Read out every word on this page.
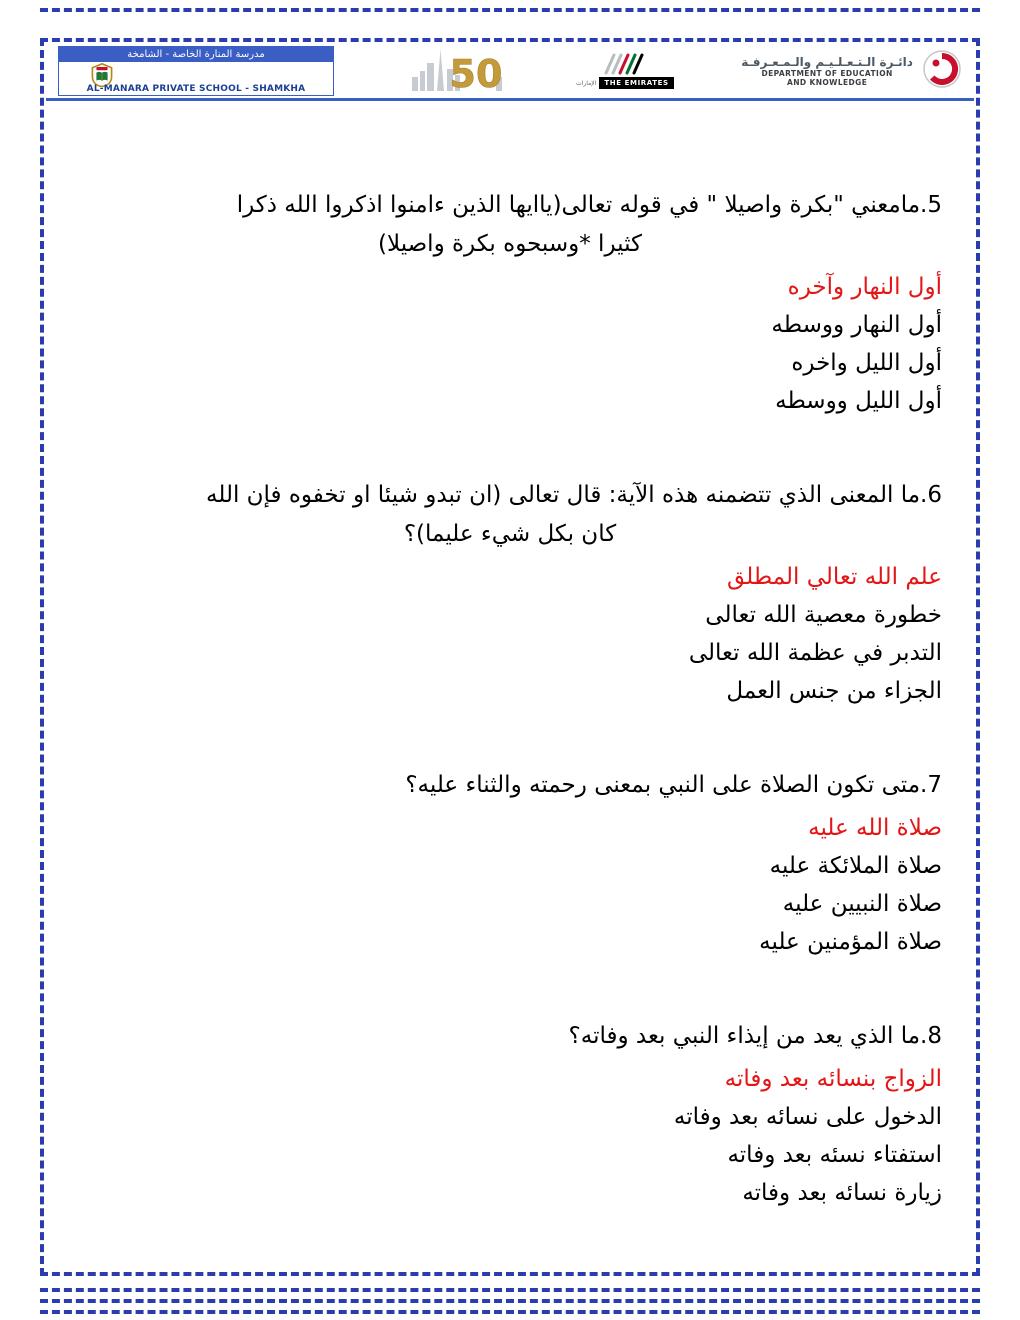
مدرسة المنارة الخاصة - الشامخة
AL-MANARA PRIVATE SCHOOL - SHAMKHA	50	الإمارات	THE EMIRATES
دائـرة الـتـعـلـيـم والـمـعـرفـة
DEPARTMENT OF EDUCATION
AND KNOWLEDGE
5.مامعني "بكرة واصيلا " في قوله تعالى(ياايها الذين ءامنوا اذكروا الله ذكرا
كثيرا *وسبحوه بكرة واصيلا)
أول النهار وآخره
أول النهار ووسطه
أول الليل واخره
أول الليل ووسطه
6.ما المعنى الذي تتضمنه هذه الآية: قال تعالى (ان تبدو شيئا او تخفوه فإن الله
كان بكل شيء عليما)؟
علم الله تعالي المطلق
خطورة معصية الله تعالى
التدبر في عظمة الله تعالى
الجزاء من جنس العمل
7.متى تكون الصلاة على النبي بمعنى رحمته والثناء عليه؟
صلاة الله عليه
صلاة الملائكة عليه
صلاة النبيين عليه
صلاة المؤمنين عليه
8.ما الذي يعد من إيذاء النبي بعد وفاته؟
الزواج بنسائه بعد وفاته
الدخول على نسائه بعد وفاته
استفتاء نسئه بعد وفاته
زيارة نسائه بعد وفاته
